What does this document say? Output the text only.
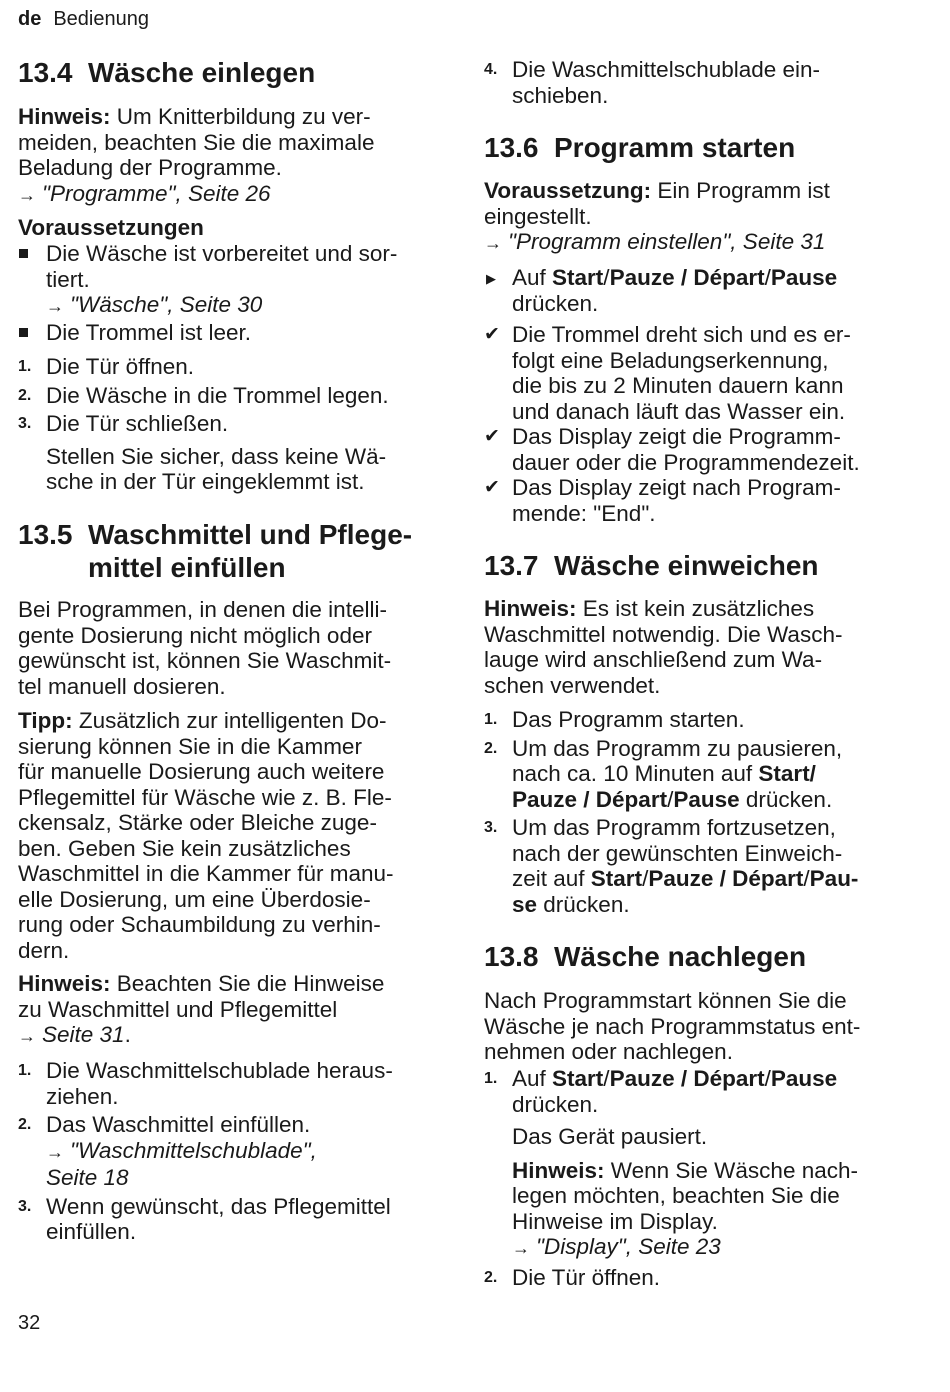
de Bedienung
13.4 Wäsche einlegen
Hinweis: Um Knitterbildung zu ver-
meiden, beachten Sie die maximale
Beladung der Programme.
→ "Programme", Seite 26
Voraussetzungen
Die Wäsche ist vorbereitet und sor-
tiert.
→ "Wäsche", Seite 30
Die Trommel ist leer.
1. Die Tür öffnen.
2. Die Wäsche in die Trommel legen.
3. Die Tür schließen.
Stellen Sie sicher, dass keine Wä-
sche in der Tür eingeklemmt ist.
13.5 Waschmittel und Pflege-
mittel einfüllen
Bei Programmen, in denen die intelli-
gente Dosierung nicht möglich oder
gewünscht ist, können Sie Waschmit-
tel manuell dosieren.
Tipp: Zusätzlich zur intelligenten Do-
sierung können Sie in die Kammer
für manuelle Dosierung auch weitere
Pflegemittel für Wäsche wie z. B. Fle-
ckensalz, Stärke oder Bleiche zuge-
ben. Geben Sie kein zusätzliches
Waschmittel in die Kammer für manu-
elle Dosierung, um eine Überdosie-
rung oder Schaumbildung zu verhin-
dern.
Hinweis: Beachten Sie die Hinweise
zu Waschmittel und Pflegemittel
→ Seite 31.
1. Die Waschmittelschublade heraus-
ziehen.
2. Das Waschmittel einfüllen.
→ "Waschmittelschublade",
Seite 18
3. Wenn gewünscht, das Pflegemittel
einfüllen.
4. Die Waschmittelschublade ein-
schieben.
13.6 Programm starten
Voraussetzung: Ein Programm ist
eingestellt.
→ "Programm einstellen", Seite 31
▶ Auf Start/Pauze / Départ/Pause
drücken.
✔ Die Trommel dreht sich und es er-
folgt eine Beladungserkennung,
die bis zu 2 Minuten dauern kann
und danach läuft das Wasser ein.
✔ Das Display zeigt die Programm-
dauer oder die Programmendezeit.
✔ Das Display zeigt nach Program-
mende: "End".
13.7 Wäsche einweichen
Hinweis: Es ist kein zusätzliches
Waschmittel notwendig. Die Wasch-
lauge wird anschließend zum Wa-
schen verwendet.
1. Das Programm starten.
2. Um das Programm zu pausieren,
nach ca. 10 Minuten auf Start/
Pauze / Départ/Pause drücken.
3. Um das Programm fortzusetzen,
nach der gewünschten Einweich-
zeit auf Start/Pauze / Départ/Pau-
se drücken.
13.8 Wäsche nachlegen
Nach Programmstart können Sie die
Wäsche je nach Programmstatus ent-
nehmen oder nachlegen.
1. Auf Start/Pauze / Départ/Pause
drücken.
Das Gerät pausiert.
Hinweis: Wenn Sie Wäsche nach-
legen möchten, beachten Sie die
Hinweise im Display.
→ "Display", Seite 23
2. Die Tür öffnen.
32
